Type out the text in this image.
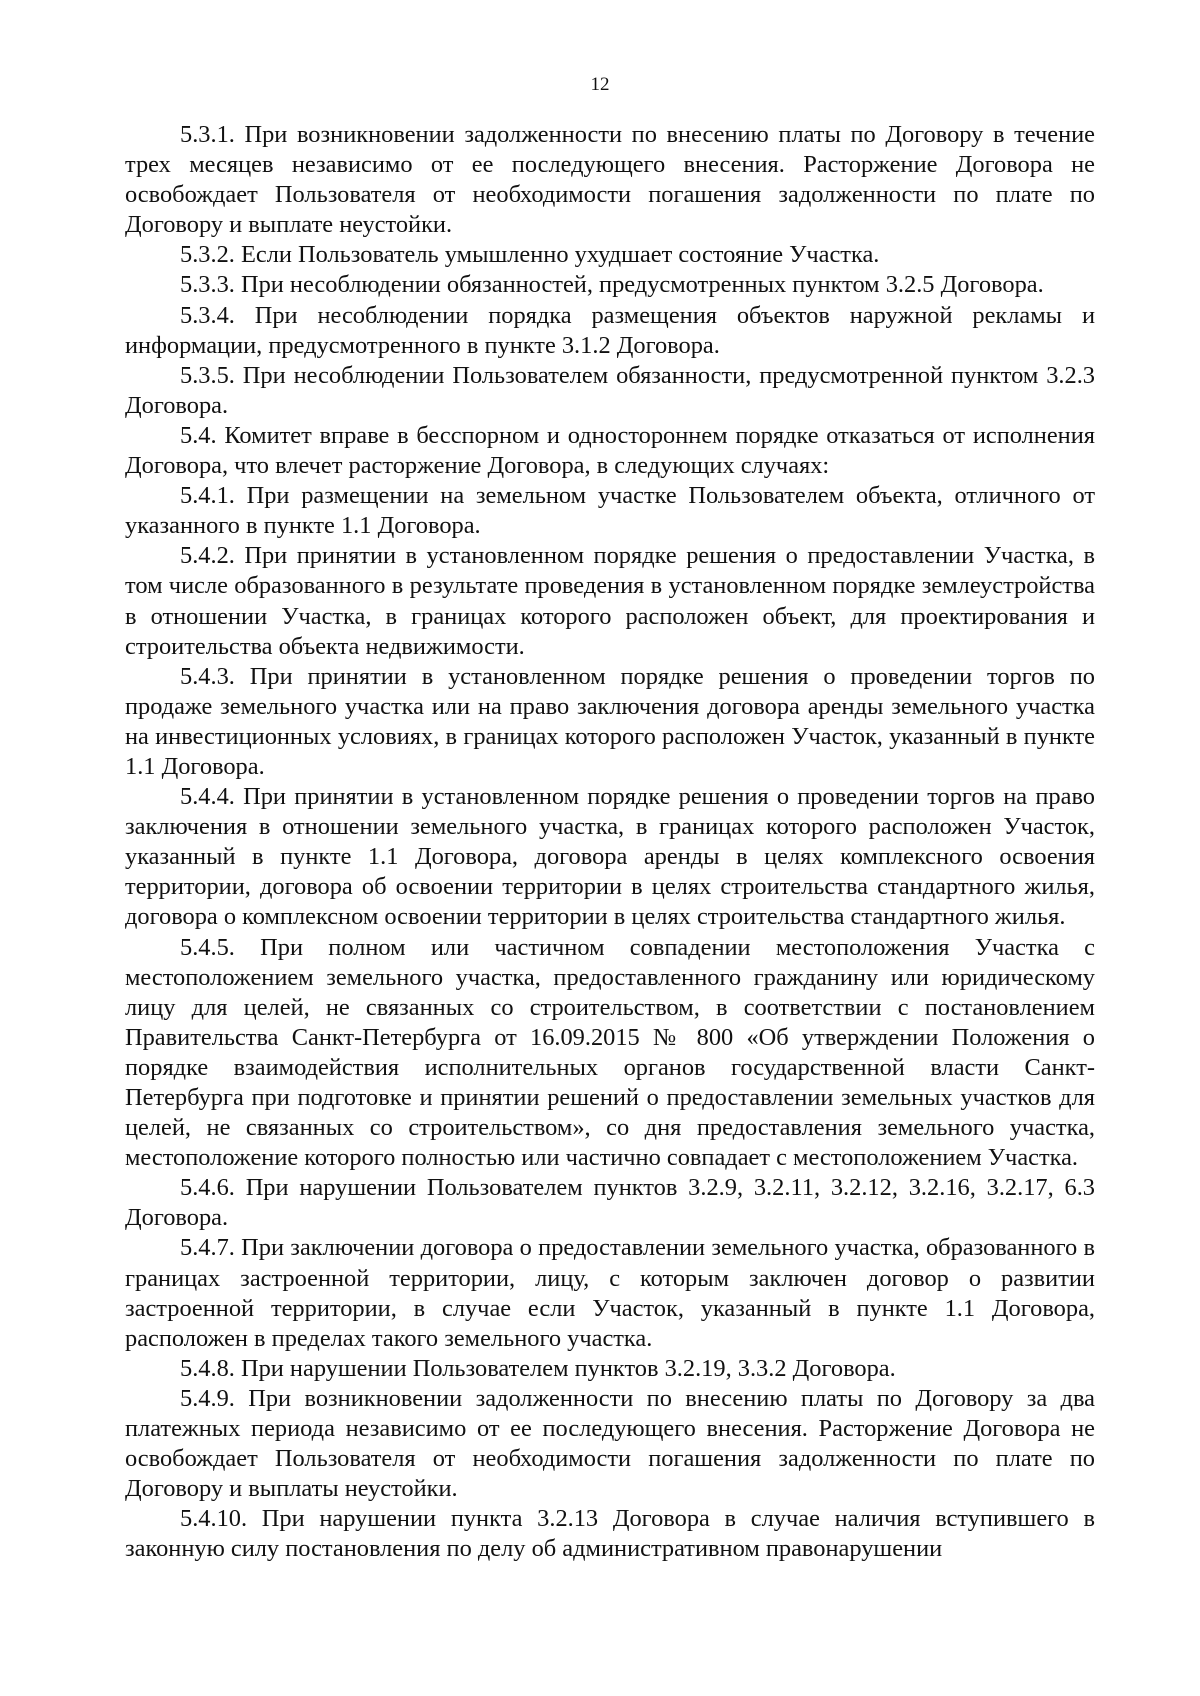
12

5.3.1. При возникновении задолженности по внесению платы по Договору в течение трех месяцев независимо от ее последующего внесения. Расторжение Договора не освобождает Пользователя от необходимости погашения задолженности по плате по Договору и выплате неустойки.

5.3.2. Если Пользователь умышленно ухудшает состояние Участка.

5.3.3. При несоблюдении обязанностей, предусмотренных пунктом 3.2.5 Договора.

5.3.4. При несоблюдении порядка размещения объектов наружной рекламы и информации, предусмотренного в пункте 3.1.2 Договора.

5.3.5. При несоблюдении Пользователем обязанности, предусмотренной пунктом 3.2.3 Договора.

5.4. Комитет вправе в бесспорном и одностороннем порядке отказаться от исполнения Договора, что влечет расторжение Договора, в следующих случаях:

5.4.1. При размещении на земельном участке Пользователем объекта, отличного от указанного в пункте 1.1 Договора.

5.4.2. При принятии в установленном порядке решения о предоставлении Участка, в том числе образованного в результате проведения в установленном порядке землеустройства в отношении Участка, в границах которого расположен объект, для проектирования и строительства объекта недвижимости.

5.4.3. При принятии в установленном порядке решения о проведении торгов по продаже земельного участка или на право заключения договора аренды земельного участка на инвестиционных условиях, в границах которого расположен Участок, указанный в пункте 1.1 Договора.

5.4.4. При принятии в установленном порядке решения о проведении торгов на право заключения в отношении земельного участка, в границах которого расположен Участок, указанный в пункте 1.1 Договора, договора аренды в целях комплексного освоения территории, договора об освоении территории в целях строительства стандартного жилья, договора о комплексном освоении территории в целях строительства стандартного жилья.

5.4.5. При полном или частичном совпадении местоположения Участка с местоположением земельного участка, предоставленного гражданину или юридическому лицу для целей, не связанных со строительством, в соответствии с постановлением Правительства Санкт-Петербурга от 16.09.2015 № 800 «Об утверждении Положения о порядке взаимодействия исполнительных органов государственной власти Санкт-Петербурга при подготовке и принятии решений о предоставлении земельных участков для целей, не связанных со строительством», со дня предоставления земельного участка, местоположение которого полностью или частично совпадает с местоположением Участка.

5.4.6. При нарушении Пользователем пунктов 3.2.9, 3.2.11, 3.2.12, 3.2.16, 3.2.17, 6.3 Договора.

5.4.7. При заключении договора о предоставлении земельного участка, образованного в границах застроенной территории, лицу, с которым заключен договор о развитии застроенной территории, в случае если Участок, указанный в пункте 1.1 Договора, расположен в пределах такого земельного участка.

5.4.8. При нарушении Пользователем пунктов 3.2.19, 3.3.2 Договора.

5.4.9. При возникновении задолженности по внесению платы по Договору за два платежных периода независимо от ее последующего внесения. Расторжение Договора не освобождает Пользователя от необходимости погашения задолженности по плате по Договору и выплаты неустойки.

5.4.10. При нарушении пункта 3.2.13 Договора в случае наличия вступившего в законную силу постановления по делу об административном правонарушении
